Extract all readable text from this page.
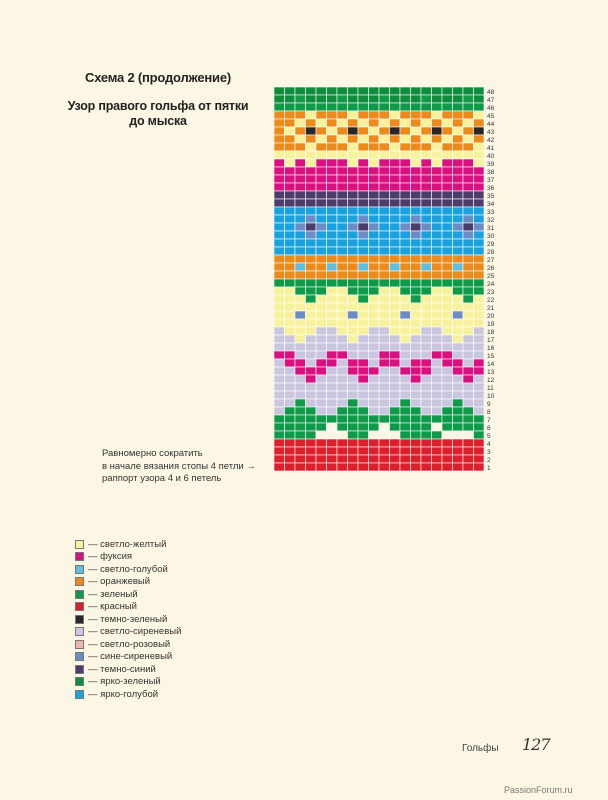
Схема 2 (продолжение)
Узор правого гольфа от пятки
до мыска
48
47
46
45
44
43
42
41
40
39
38
37
36
35
34
33
32
31
30
29
28
27
26
25
24
23
22
21
20
19
18
17
16
15
14
13
12
11
10
9
8
7
6
5
4
3
2
1
Равномерно сократить
в начале вязания стопы 4 петли →
раппорт узора 4 и 6 петель
— светло-желтый
— фуксия
— светло-голубой
— оранжевый
— зеленый
— красный
— темно-зеленый
— светло-сиреневый
— светло-розовый
— сине-сиреневый
— темно-синий
— ярко-зеленый
— ярко-голубой
Гольфы 127
PassionForum.ru
